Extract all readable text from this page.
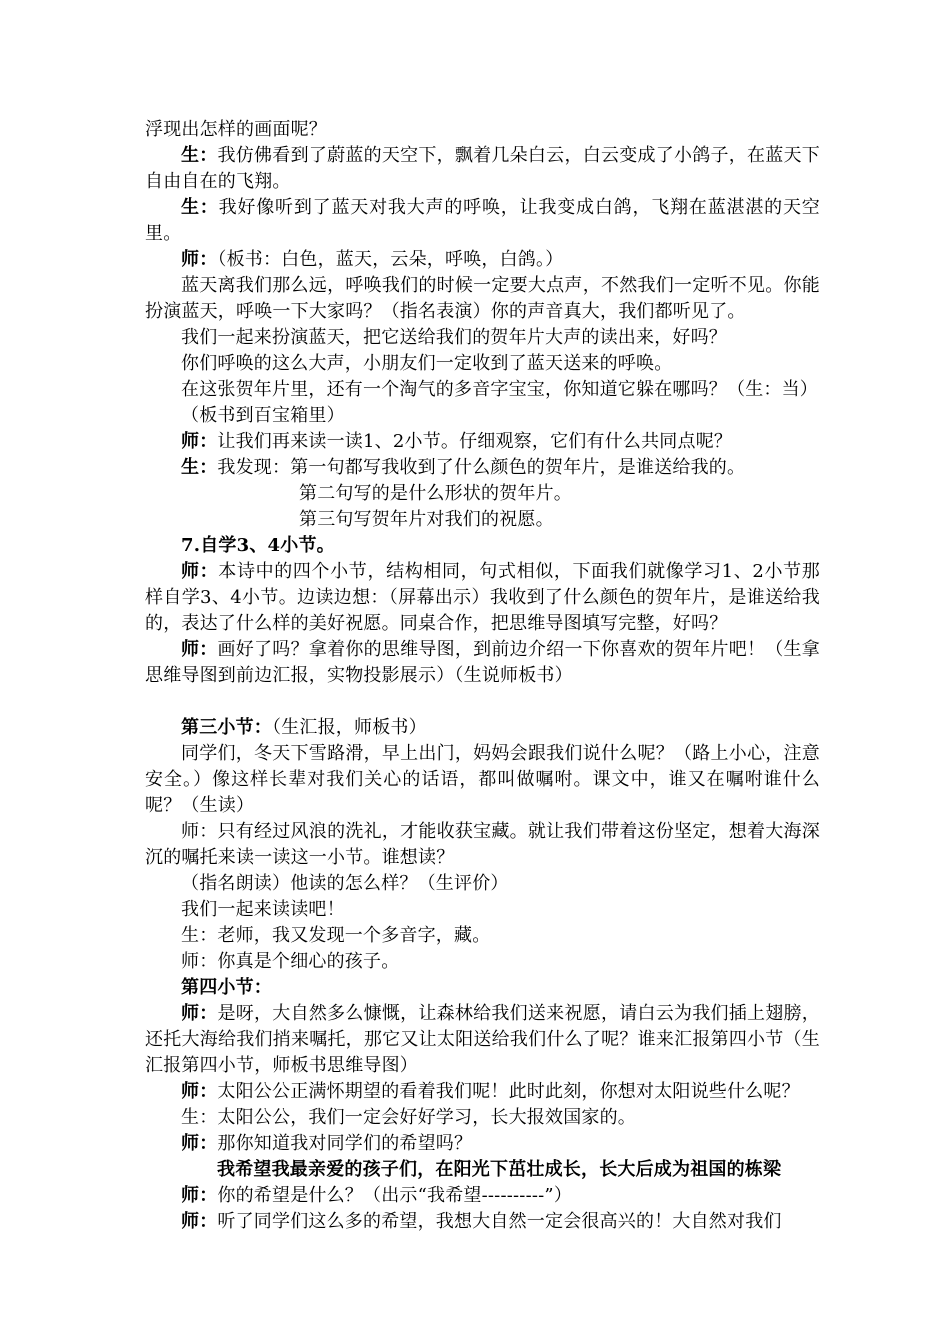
浮现出怎样的画面呢？

生：我仿佛看到了蔚蓝的天空下，飘着几朵白云，白云变成了小鸽子，在蓝天下自由自在的飞翔。

生：我好像听到了蓝天对我大声的呼唤，让我变成白鸽，飞翔在蓝湛湛的天空里。

师：（板书：白色，蓝天，云朵，呼唤，白鸽。）

蓝天离我们那么远，呼唤我们的时候一定要大点声，不然我们一定听不见。你能扮演蓝天，呼唤一下大家吗？（指名表演）你的声音真大，我们都听见了。

我们一起来扮演蓝天，把它送给我们的贺年片大声的读出来，好吗？

你们呼唤的这么大声，小朋友们一定收到了蓝天送来的呼唤。

在这张贺年片里，还有一个淘气的多音字宝宝，你知道它躲在哪吗？（生：当）

（板书到百宝箱里）

师：让我们再来读一读1、2小节。仔细观察，它们有什么共同点呢？

生：我发现：第一句都写我收到了什么颜色的贺年片，是谁送给我的。

第二句写的是什么形状的贺年片。

第三句写贺年片对我们的祝愿。

7.自学3、4小节。

师：本诗中的四个小节，结构相同，句式相似，下面我们就像学习1、2小节那样自学3、4小节。边读边想：（屏幕出示）我收到了什么颜色的贺年片，是谁送给我的，表达了什么样的美好祝愿。同桌合作，把思维导图填写完整，好吗？

师：画好了吗？拿着你的思维导图，到前边介绍一下你喜欢的贺年片吧！（生拿思维导图到前边汇报，实物投影展示）（生说师板书）

第三小节：（生汇报，师板书）

同学们，冬天下雪路滑，早上出门，妈妈会跟我们说什么呢？（路上小心，注意安全。）像这样长辈对我们关心的话语，都叫做嘱咐。课文中，谁又在嘱咐谁什么呢？（生读）

师：只有经过风浪的洗礼，才能收获宝藏。就让我们带着这份坚定，想着大海深沉的嘱托来读一读这一小节。谁想读？

（指名朗读）他读的怎么样？（生评价）

我们一起来读读吧！

生：老师，我又发现一个多音字，藏。

师：你真是个细心的孩子。

第四小节：

师：是呀，大自然多么慷慨，让森林给我们送来祝愿，请白云为我们插上翅膀，还托大海给我们捎来嘱托，那它又让太阳送给我们什么了呢？谁来汇报第四小节（生汇报第四小节，师板书思维导图）

师：太阳公公正满怀期望的看着我们呢！此时此刻，你想对太阳说些什么呢？

生：太阳公公，我们一定会好好学习，长大报效国家的。

师：那你知道我对同学们的希望吗？

我希望我最亲爱的孩子们，在阳光下茁壮成长，长大后成为祖国的栋梁

师：你的希望是什么？（出示“我希望----------”）

师：听了同学们这么多的希望，我想大自然一定会很高兴的！大自然对我们
